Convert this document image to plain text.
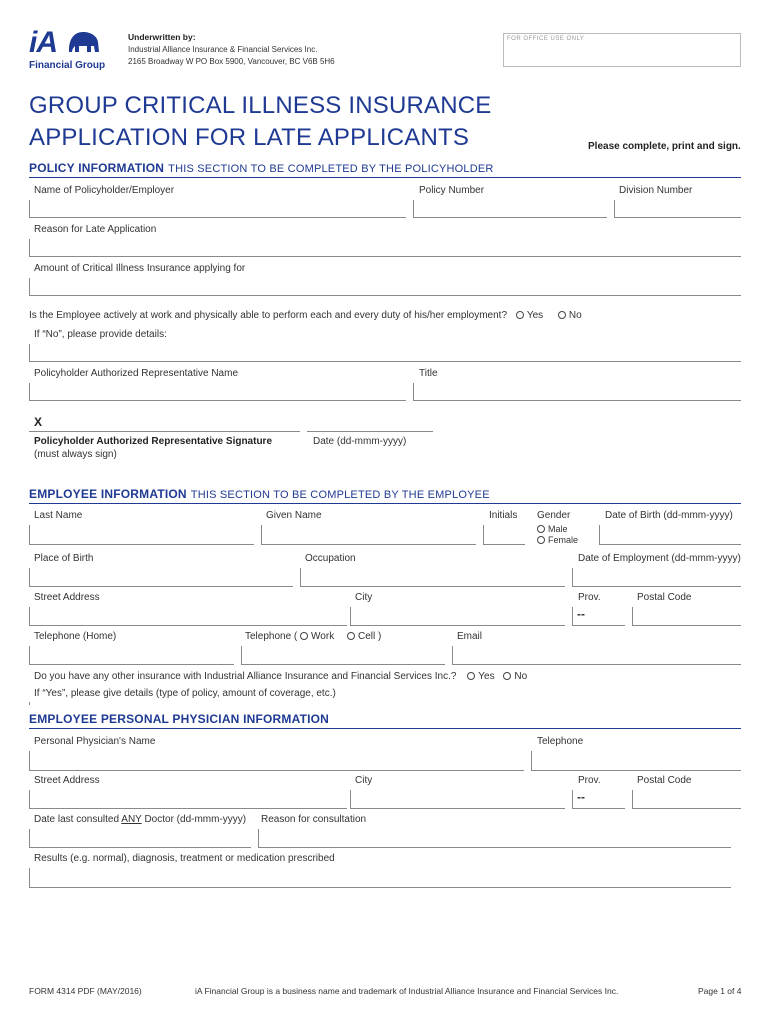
iA
Financial Group
Underwritten by:
Industrial Alliance Insurance & Financial Services Inc.
2165 Broadway W PO Box 5900, Vancouver, BC V6B 5H6
FOR OFFICE USE ONLY
GROUP CRITICAL ILLNESS INSURANCE
APPLICATION FOR LATE APPLICANTS	Please complete, print and sign.
POLICY INFORMATION THIS SECTION TO BE COMPLETED BY THE POLICYHOLDER
Name of Policyholder/Employer	Policy Number	Division Number
Reason for Late Application
Amount of Critical Illness Insurance applying for
Is the Employee actively at work and physically able to perform each and every duty of his/her employment? Yes	No
If “No”, please provide details:
Policyholder Authorized Representative Name	Title
X
Policyholder Authorized Representative Signature
(must always sign)
Date (dd-mmm-yyyy)
EMPLOYEE INFORMATION THIS SECTION TO BE COMPLETED BY THE EMPLOYEE
Last Name	Given Name	Initials Gender	Date of Birth (dd-mmm-yyyy)
Male
Female
Place of Birth	Occupation	Date of Employment (dd-mmm-yyyy)
Street Address	City	Prov.	Postal Code
--
Telephone (Home)	Telephone ( Work Cell )	Email
Do you have any other insurance with Industrial Alliance Insurance and Financial Services Inc.? Yes No
If “Yes”, please give details (type of policy, amount of coverage, etc.)
EMPLOYEE PERSONAL PHYSICIAN INFORMATION
Personal Physician's Name	Telephone
Street Address	City	Prov.	Postal Code
--
Date last consulted ANY Doctor (dd-mmm-yyyy) Reason for consultation
Results (e.g. normal), diagnosis, treatment or medication prescribed
FORM 4314 PDF (MAY/2016)	iA Financial Group is a business name and trademark of Industrial Alliance Insurance and Financial Services Inc.	Page 1 of 4
